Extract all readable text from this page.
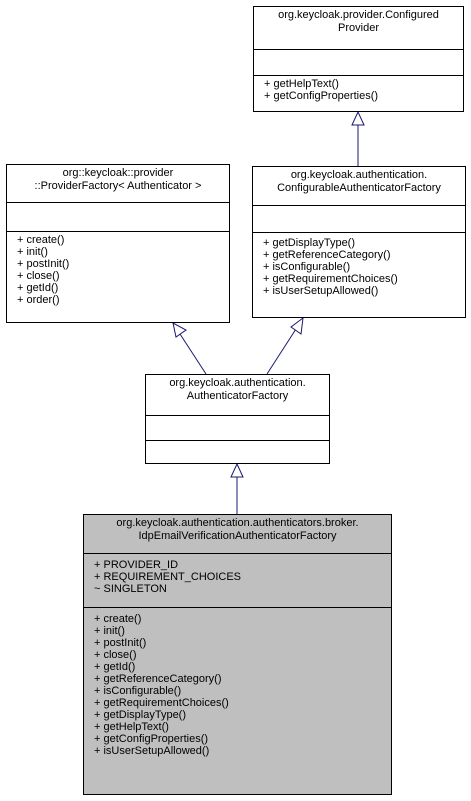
org.keycloak.provider.Configured
Provider
+ getHelpText()
+ getConfigProperties()
org::keycloak::provider
::ProviderFactory< Authenticator >
+ create()
+ init()
+ postInit()
+ close()
+ getId()
+ order()
org.keycloak.authentication.
ConfigurableAuthenticatorFactory
+ getDisplayType()
+ getReferenceCategory()
+ isConfigurable()
+ getRequirementChoices()
+ isUserSetupAllowed()
org.keycloak.authentication.
AuthenticatorFactory
org.keycloak.authentication.authenticators.broker.
IdpEmailVerificationAuthenticatorFactory
+ PROVIDER_ID
+ REQUIREMENT_CHOICES
~ SINGLETON
+ create()
+ init()
+ postInit()
+ close()
+ getId()
+ getReferenceCategory()
+ isConfigurable()
+ getRequirementChoices()
+ getDisplayType()
+ getHelpText()
+ getConfigProperties()
+ isUserSetupAllowed()
